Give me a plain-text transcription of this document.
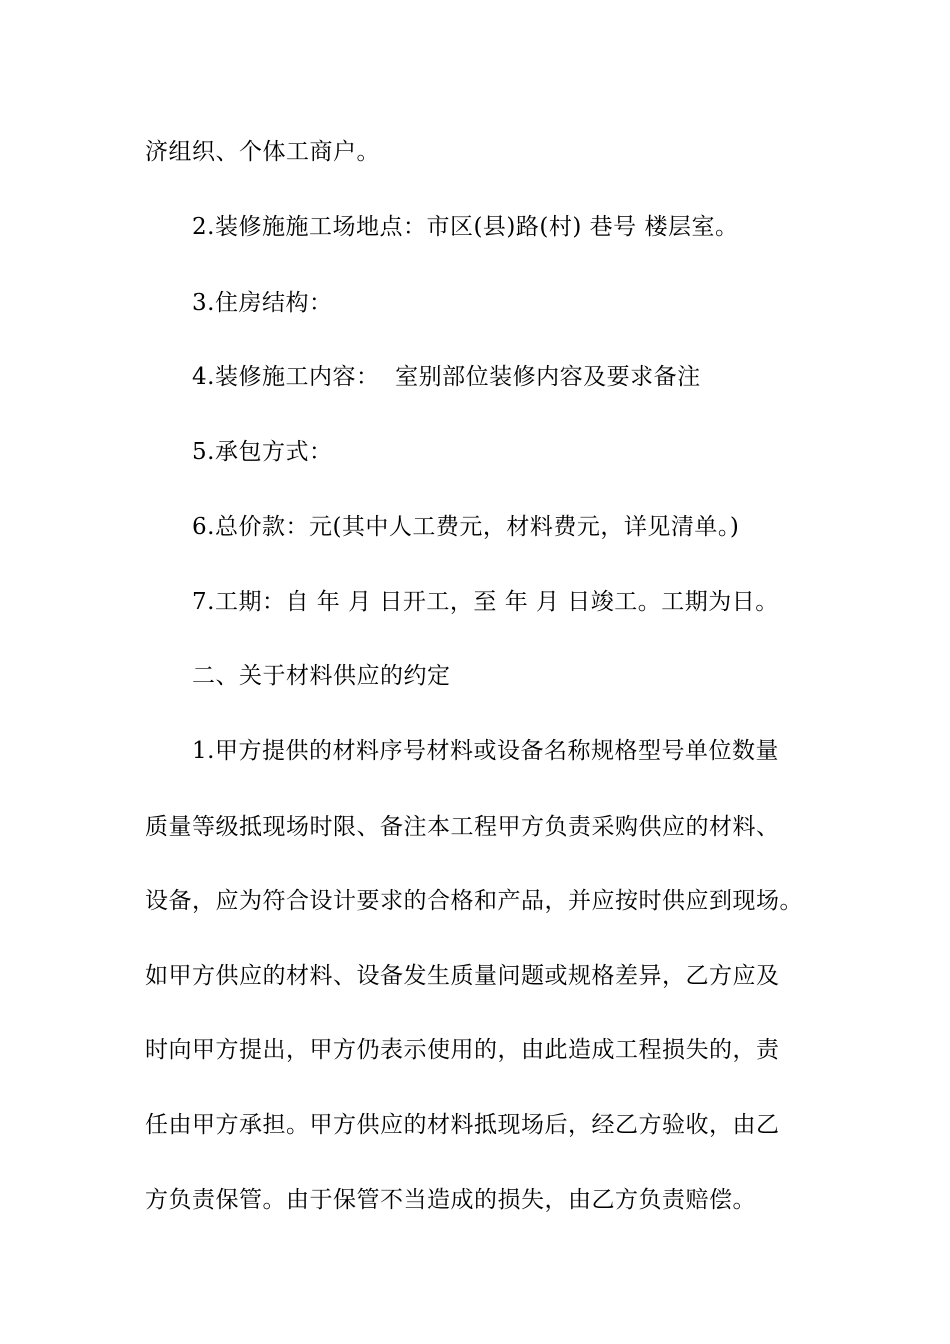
济组织、个体工商户。
2.装修施施工场地点：市区(县)路(村) 巷号 楼层室。
3.住房结构：
4.装修施工内容：  室别部位装修内容及要求备注
5.承包方式：
6.总价款：元(其中人工费元，材料费元，详见清单。)
7.工期：自 年 月 日开工，至 年 月 日竣工。工期为日。
二、关于材料供应的约定
1.甲方提供的材料序号材料或设备名称规格型号单位数量
质量等级抵现场时限、备注本工程甲方负责采购供应的材料、
设备，应为符合设计要求的合格和产品，并应按时供应到现场。
如甲方供应的材料、设备发生质量问题或规格差异，乙方应及
时向甲方提出，甲方仍表示使用的，由此造成工程损失的，责
任由甲方承担。甲方供应的材料抵现场后，经乙方验收，由乙
方负责保管。由于保管不当造成的损失，由乙方负责赔偿。
